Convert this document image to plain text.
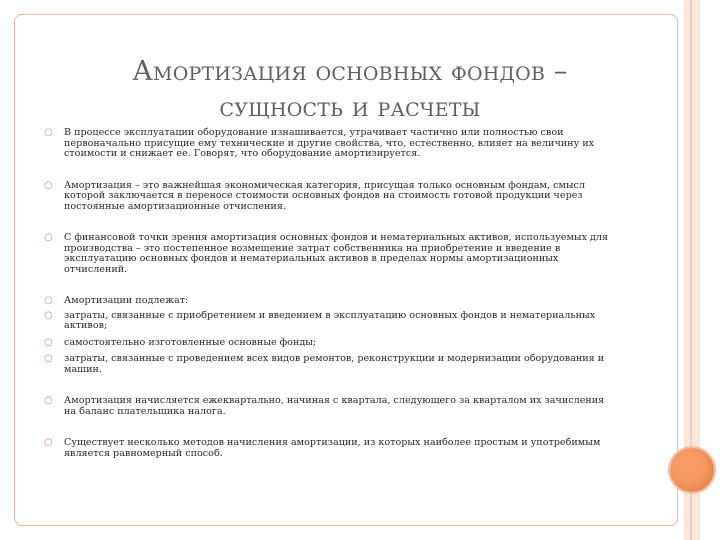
Амортизация основных фондов –
сущность и расчеты
○ В процессе эксплуатации оборудование изнашивается, утрачивает частично или полностью свои первоначально присущие ему технические и другие свойства, что, естественно, влияет на величину их стоимости и снижает ее. Говорят, что оборудование амортизируется.
○ Амортизация – это важнейшая экономическая категория, присущая только основным фондам, смысл которой заключается в переносе стоимости основных фондов на стоимость готовой продукции через постоянные амортизационные отчисления.
○ С финансовой точки зрения амортизация основных фондов и нематериальных активов, используемых для производства – это постепенное возмещение затрат собственника на приобретение и введение в эксплуатацию основных фондов и нематериальных активов в пределах нормы амортизационных отчислений.
○ Амортизации подлежат:
○ затраты, связанные с приобретением и введением в эксплуатацию основных фондов и нематериальных активов;
○ самостоятельно изготовленные основные фонды;
○ затраты, связанные с проведением всех видов ремонтов, реконструкции и модернизации оборудования и машин.
○ Амортизация начисляется ежеквартально, начиная с квартала, следующего за кварталом их зачисления на баланс плательщика налога.
○ Существует несколько методов начисления амортизации, из которых наиболее простым и употребимым является равномерный способ.
